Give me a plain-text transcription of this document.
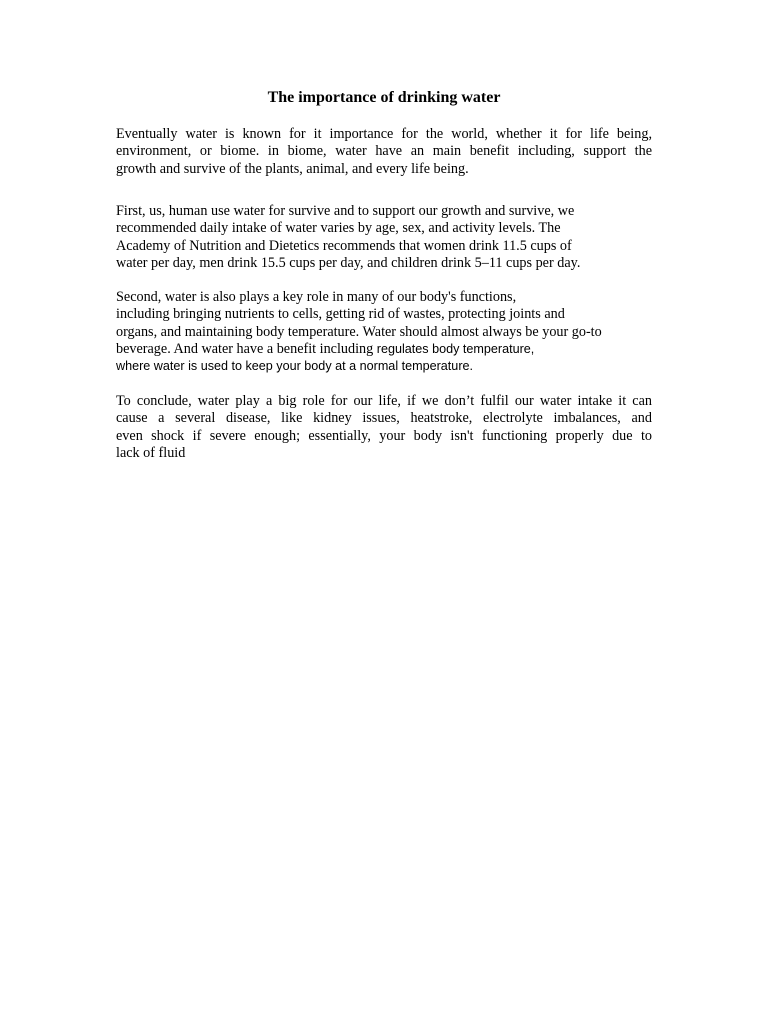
The importance of drinking water
Eventually water is known for it importance for the world, whether it for life being,
environment, or biome. in biome, water have an main benefit including, support the
growth and survive of the plants, animal, and every life being.
First, us, human use water for survive and to support our growth and survive, we
recommended daily intake of water varies by age, sex, and activity levels. The
Academy of Nutrition and Dietetics recommends that women drink 11.5 cups of
water per day, men drink 15.5 cups per day, and children drink 5–11 cups per day.
Second, water is also plays a key role in many of our body's functions,
including bringing nutrients to cells, getting rid of wastes, protecting joints and
organs, and maintaining body temperature. Water should almost always be your go-to
beverage. And water have a benefit including regulates body temperature,
where water is used to keep your body at a normal temperature.
To conclude, water play a big role for our life, if we don’t fulfil our water intake it can
cause a several disease, like kidney issues, heatstroke, electrolyte imbalances, and
even shock if severe enough; essentially, your body isn't functioning properly due to
lack of fluid
